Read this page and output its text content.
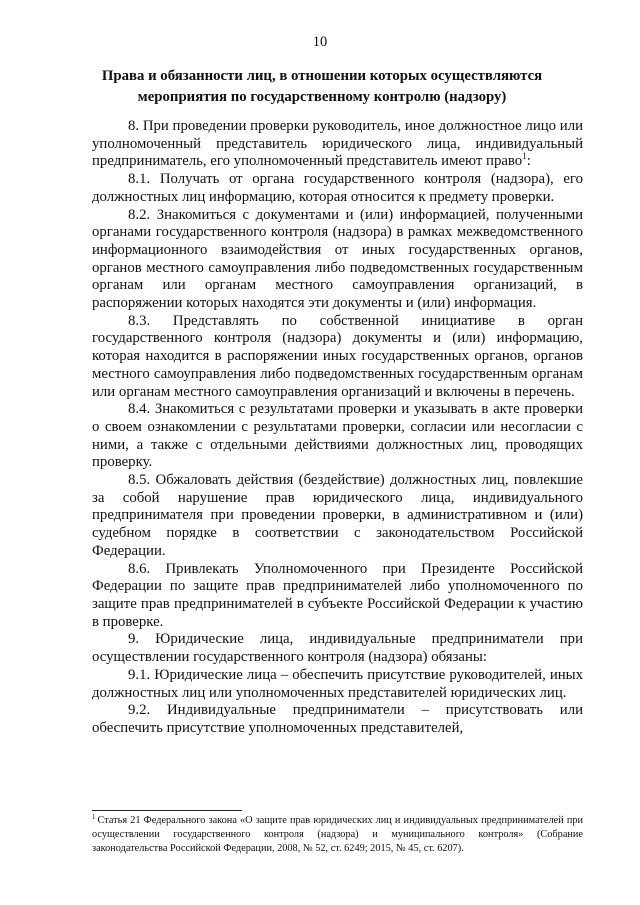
10
Права и обязанности лиц, в отношении которых осуществляются мероприятия по государственному контролю (надзору)

8. При проведении проверки руководитель, иное должностное лицо или уполномоченный представитель юридического лица, индивидуальный предприниматель, его уполномоченный представитель имеют право$^1$:

8.1. Получать от органа государственного контроля (надзора), его должностных лиц информацию, которая относится к предмету проверки.

8.2. Знакомиться с документами и (или) информацией, полученными органами государственного контроля (надзора) в рамках межведомственного информационного взаимодействия от иных государственных органов, органов местного самоуправления либо подведомственных государственным органам или органам местного самоуправления организаций, в распоряжении которых находятся эти документы и (или) информация.

8.3. Представлять по собственной инициативе в орган государственного контроля (надзора) документы и (или) информацию, которая находится в распоряжении иных государственных органов, органов местного самоуправления либо подведомственных государственным органам или органам местного самоуправления организаций и включены в перечень.

8.4. Знакомиться с результатами проверки и указывать в акте проверки о своем ознакомлении с результатами проверки, согласии или несогласии с ними, а также с отдельными действиями должностных лиц, проводящих проверку.

8.5. Обжаловать действия (бездействие) должностных лиц, повлекшие за собой нарушение прав юридического лица, индивидуального предпринимателя при проведении проверки, в административном и (или) судебном порядке в соответствии с законодательством Российской Федерации.

8.6. Привлекать Уполномоченного при Президенте Российской Федерации по защите прав предпринимателей либо уполномоченного по защите прав предпринимателей в субъекте Российской Федерации к участию в проверке.

9. Юридические лица, индивидуальные предприниматели при осуществлении государственного контроля (надзора) обязаны:

9.1. Юридические лица – обеспечить присутствие руководителей, иных должностных лиц или уполномоченных представителей юридических лиц.

9.2. Индивидуальные предприниматели – присутствовать или обеспечить присутствие уполномоченных представителей,

$^1$ Статья 21 Федерального закона «О защите прав юридических лиц и индивидуальных предпринимателей при осуществлении государственного контроля (надзора) и муниципального контроля» (Собрание законодательства Российской Федерации, 2008, № 52, ст. 6249; 2015, № 45, ст. 6207).
